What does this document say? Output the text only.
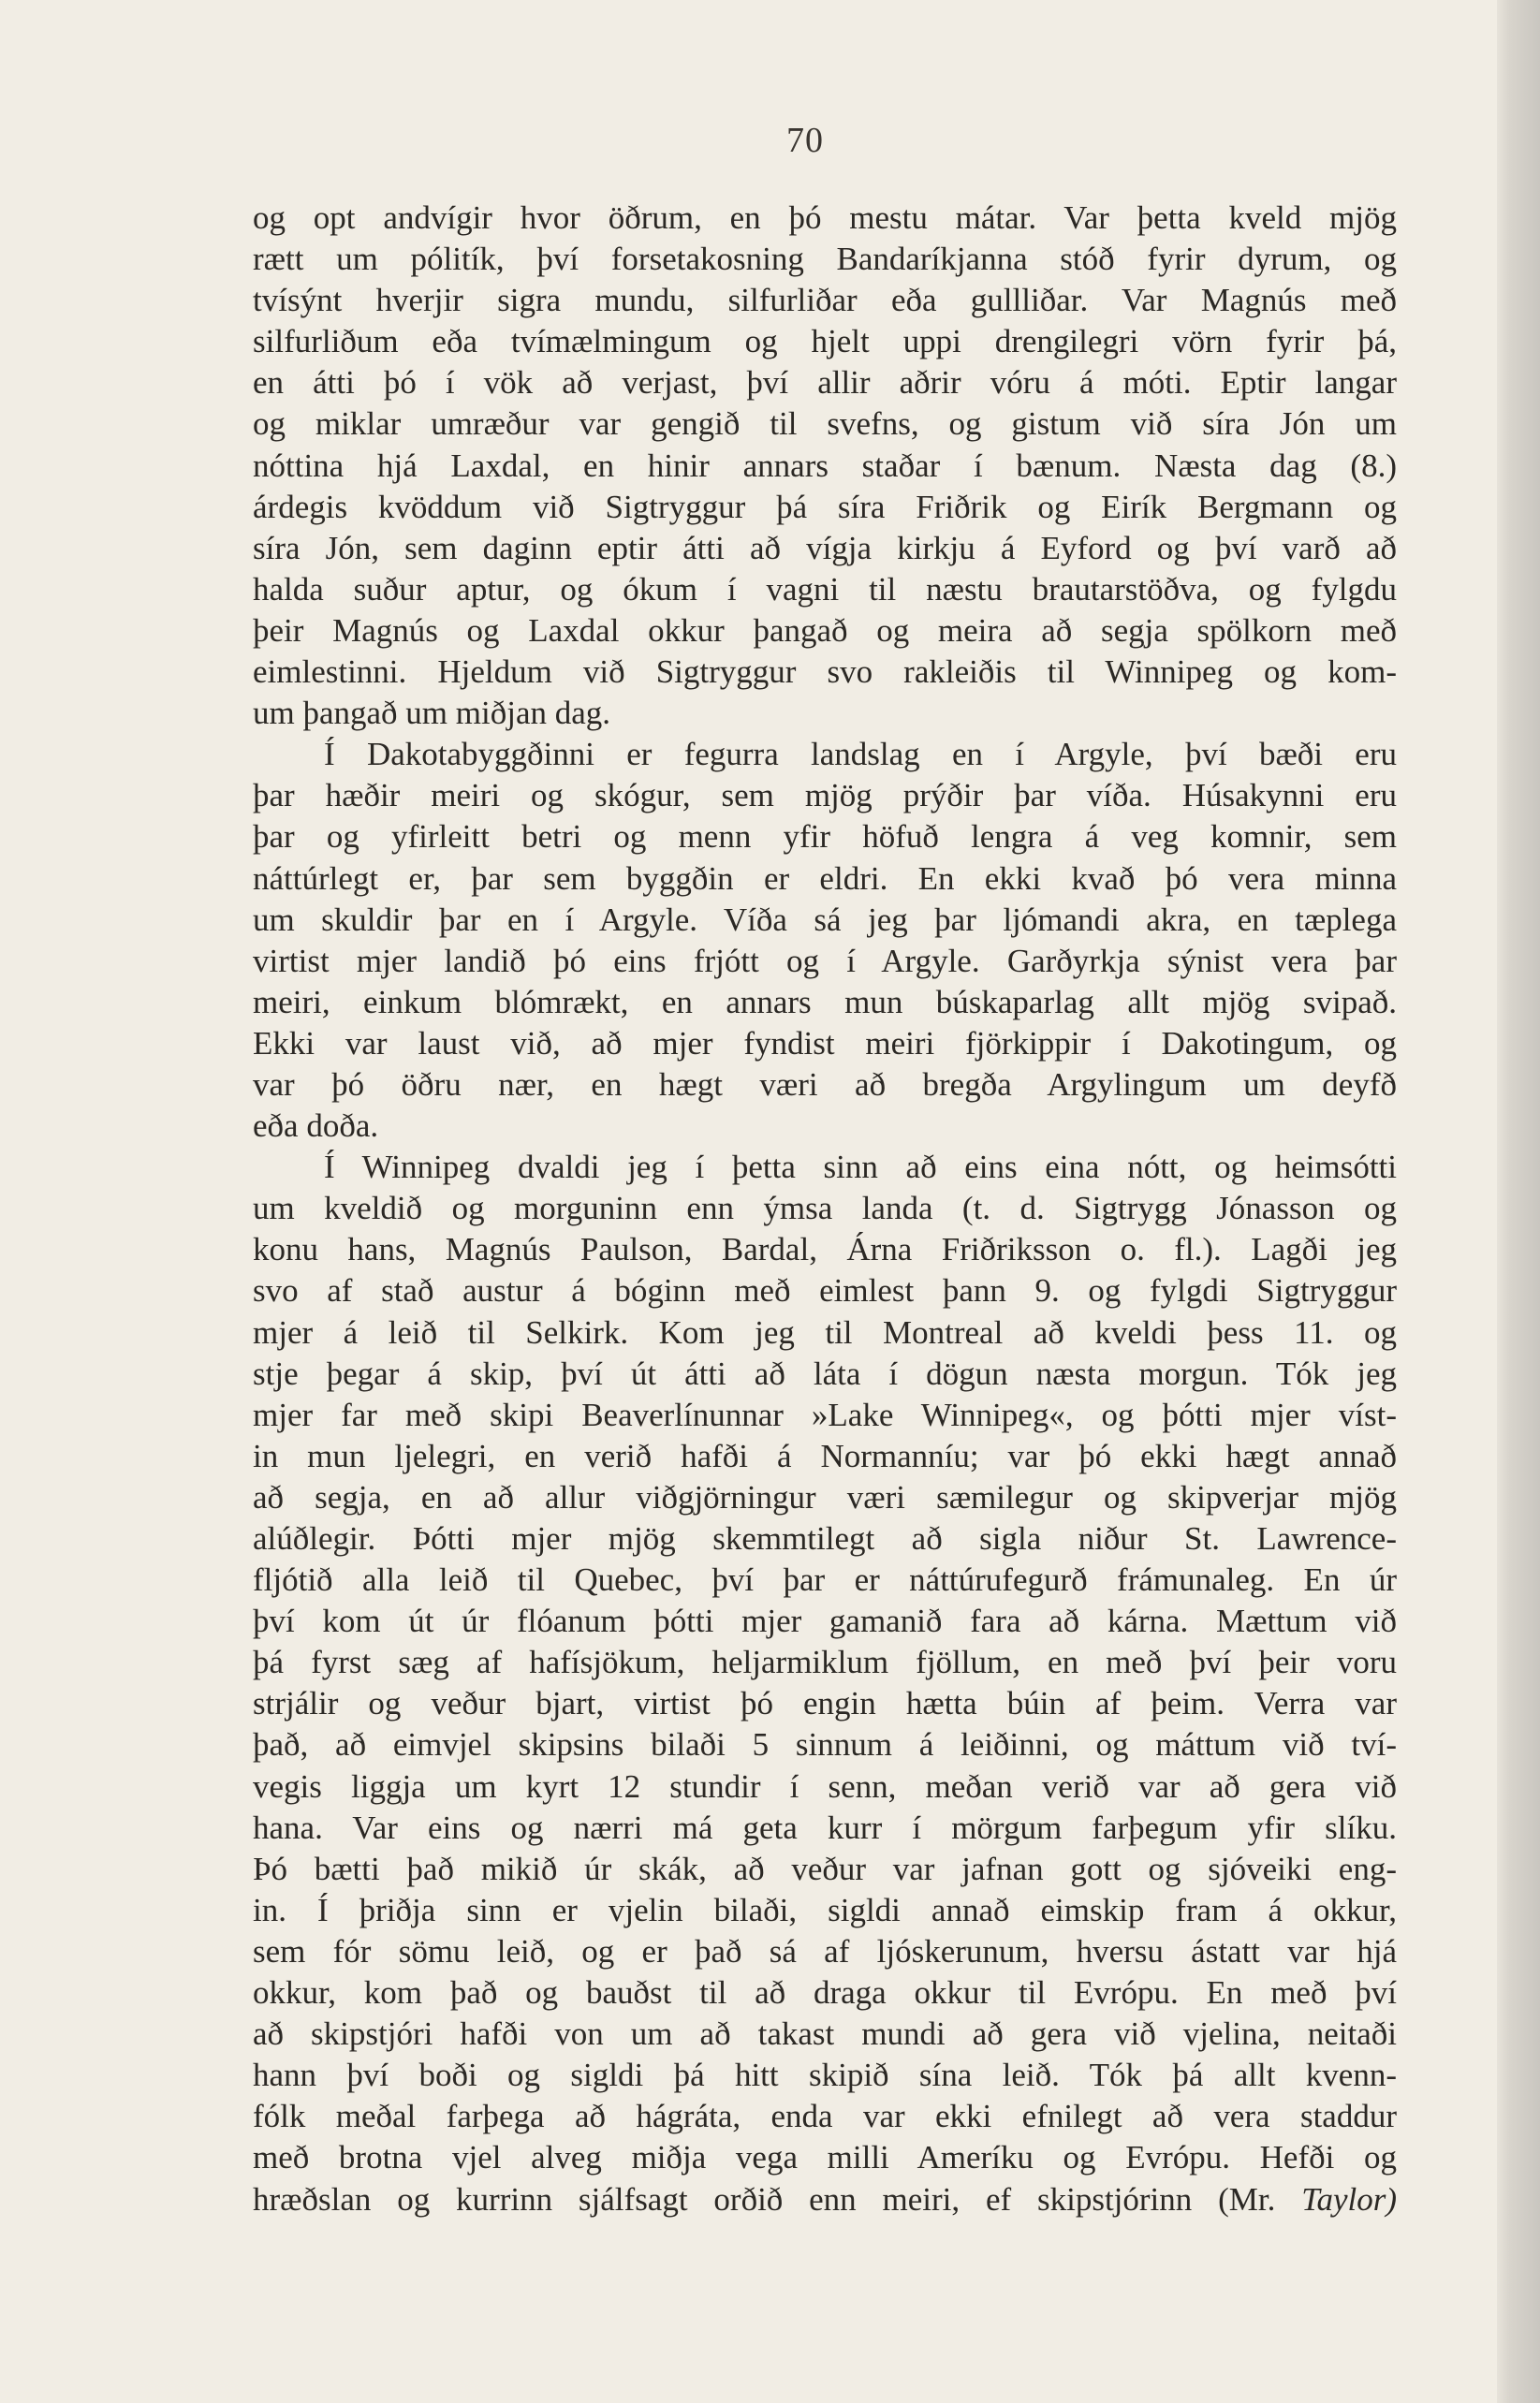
70
og opt andvígir hvor öðrum, en þó mestu mátar. Var þetta kveld mjög
rætt um pólitík, því forsetakosning Bandaríkjanna stóð fyrir dyrum, og
tvísýnt hverjir sigra mundu, silfurliðar eða gullliðar. Var Magnús með
silfurliðum eða tvímælmingum og hjelt uppi drengilegri vörn fyrir þá,
en átti þó í vök að verjast, því allir aðrir vóru á móti. Eptir langar
og miklar umræður var gengið til svefns, og gistum við síra Jón um
nóttina hjá Laxdal, en hinir annars staðar í bænum. Næsta dag (8.)
árdegis kvöddum við Sigtryggur þá síra Friðrik og Eirík Bergmann og
síra Jón, sem daginn eptir átti að vígja kirkju á Eyford og því varð að
halda suður aptur, og ókum í vagni til næstu brautarstöðva, og fylgdu
þeir Magnús og Laxdal okkur þangað og meira að segja spölkorn með
eimlestinni. Hjeldum við Sigtryggur svo rakleiðis til Winnipeg og kom-
um þangað um miðjan dag.
Í Dakotabyggðinni er fegurra landslag en í Argyle, því bæði eru
þar hæðir meiri og skógur, sem mjög prýðir þar víða. Húsakynni eru
þar og yfirleitt betri og menn yfir höfuð lengra á veg komnir, sem
náttúrlegt er, þar sem byggðin er eldri. En ekki kvað þó vera minna
um skuldir þar en í Argyle. Víða sá jeg þar ljómandi akra, en tæplega
virtist mjer landið þó eins frjótt og í Argyle. Garðyrkja sýnist vera þar
meiri, einkum blómrækt, en annars mun búskaparlag allt mjög svipað.
Ekki var laust við, að mjer fyndist meiri fjörkippir í Dakotingum, og
var þó öðru nær, en hægt væri að bregða Argylingum um deyfð
eða doða.
Í Winnipeg dvaldi jeg í þetta sinn að eins eina nótt, og heimsótti
um kveldið og morguninn enn ýmsa landa (t. d. Sigtrygg Jónasson og
konu hans, Magnús Paulson, Bardal, Árna Friðriksson o. fl.). Lagði jeg
svo af stað austur á bóginn með eimlest þann 9. og fylgdi Sigtryggur
mjer á leið til Selkirk. Kom jeg til Montreal að kveldi þess 11. og
stje þegar á skip, því út átti að láta í dögun næsta morgun. Tók jeg
mjer far með skipi Beaverlínunnar »Lake Winnipeg«, og þótti mjer víst-
in mun ljelegri, en verið hafði á Normanníu; var þó ekki hægt annað
að segja, en að allur viðgjörningur væri sæmilegur og skipverjar mjög
alúðlegir. Þótti mjer mjög skemmtilegt að sigla niður St. Lawrence-
fljótið alla leið til Quebec, því þar er náttúrufegurð frámunaleg. En úr
því kom út úr flóanum þótti mjer gamanið fara að kárna. Mættum við
þá fyrst sæg af hafísjökum, heljarmiklum fjöllum, en með því þeir voru
strjálir og veður bjart, virtist þó engin hætta búin af þeim. Verra var
það, að eimvjel skipsins bilaði 5 sinnum á leiðinni, og máttum við tví-
vegis liggja um kyrt 12 stundir í senn, meðan verið var að gera við
hana. Var eins og nærri má geta kurr í mörgum farþegum yfir slíku.
Þó bætti það mikið úr skák, að veður var jafnan gott og sjóveiki eng-
in. Í þriðja sinn er vjelin bilaði, sigldi annað eimskip fram á okkur,
sem fór sömu leið, og er það sá af ljóskerunum, hversu ástatt var hjá
okkur, kom það og bauðst til að draga okkur til Evrópu. En með því
að skipstjóri hafði von um að takast mundi að gera við vjelina, neitaði
hann því boði og sigldi þá hitt skipið sína leið. Tók þá allt kvenn-
fólk meðal farþega að hágráta, enda var ekki efnilegt að vera staddur
með brotna vjel alveg miðja vega milli Ameríku og Evrópu. Hefði og
hræðslan og kurrinn sjálfsagt orðið enn meiri, ef skipstjórinn (Mr. Taylor)
